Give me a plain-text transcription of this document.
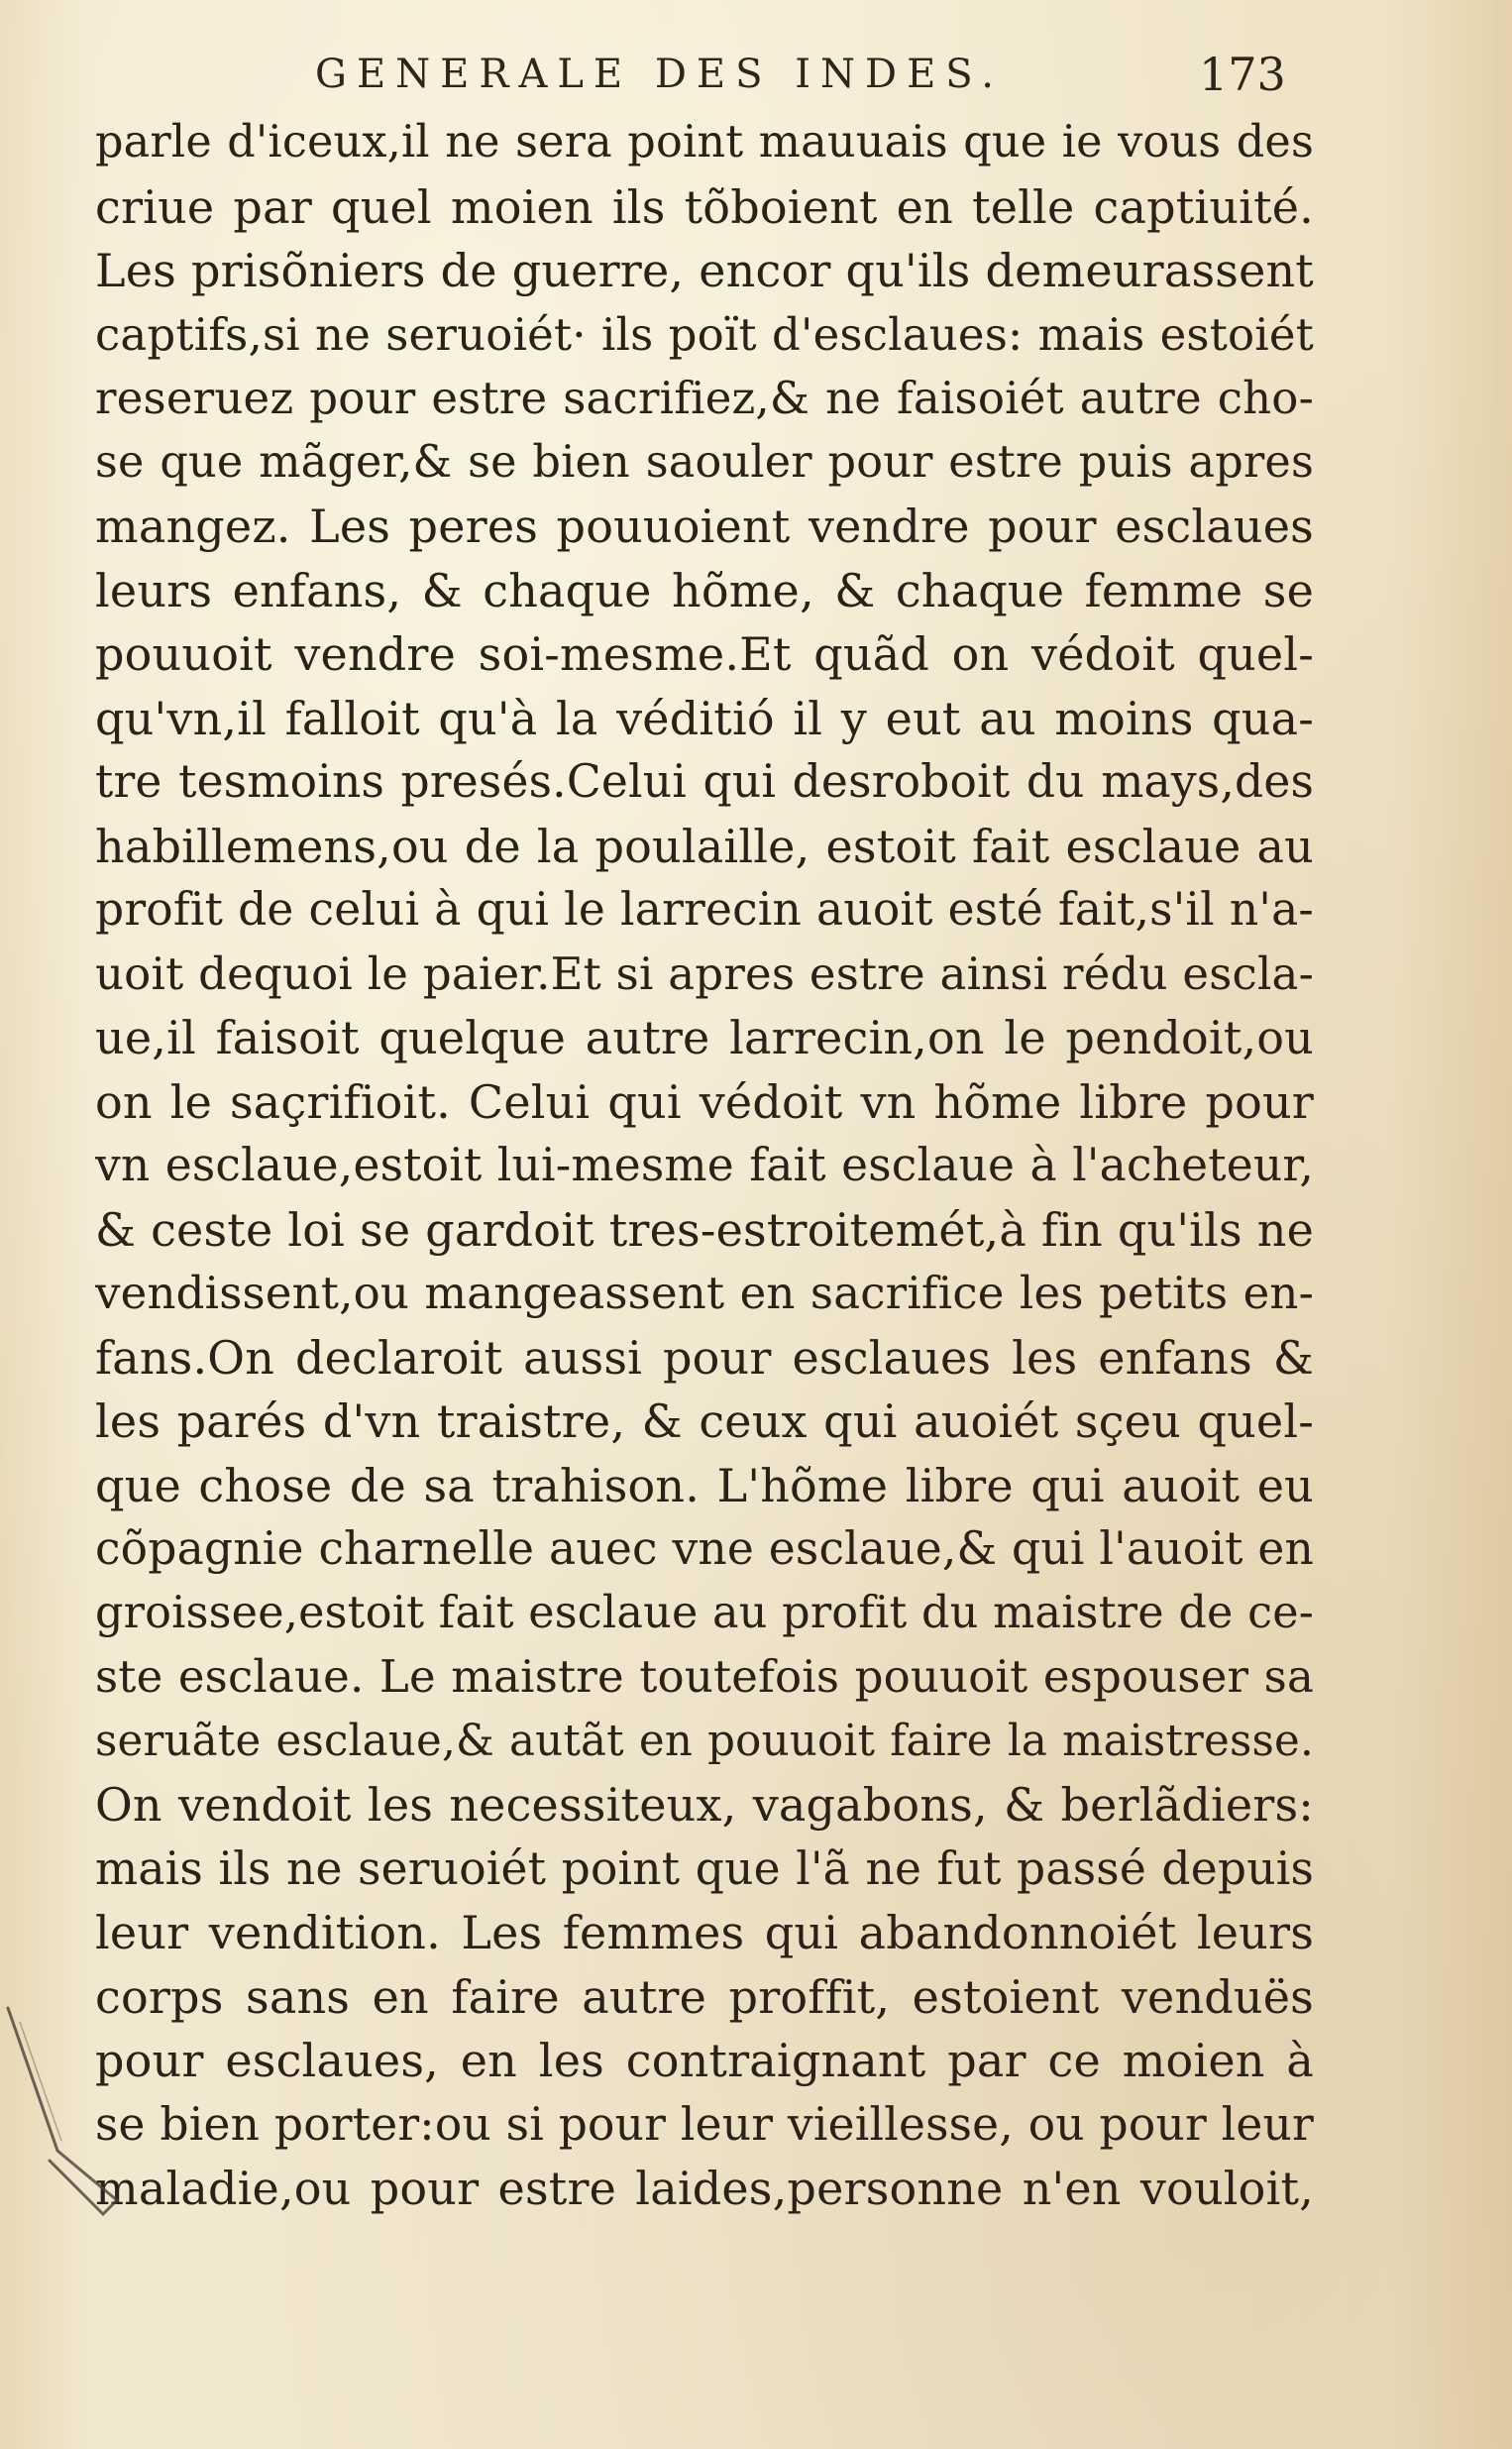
GENERALE DES INDES.	173
parle d'iceux,il ne sera point mauuais que ie vous des
criue par quel moien ils tõboient en telle captiuité.
Les prisõniers de guerre, encor qu'ils demeurassent
captifs,si ne seruoiét· ils poït d'esclaues: mais estoiét
reseruez pour estre sacrifiez,& ne faisoiét autre cho-
se que mãger,& se bien saouler pour estre puis apres
mangez. Les peres pouuoient vendre pour esclaues
leurs enfans, & chaque hõme, & chaque femme se
pouuoit vendre soi-mesme.Et quãd on védoit quel-
qu'vn,il falloit qu'à la véditió il y eut au moins qua-
tre tesmoins presés.Celui qui desroboit du mays,des
habillemens,ou de la poulaille, estoit fait esclaue au
profit de celui à qui le larrecin auoit esté fait,s'il n'a-
uoit dequoi le paier.Et si apres estre ainsi rédu escla-
ue,il faisoit quelque autre larrecin,on le pendoit,ou
on le saçrifioit. Celui qui védoit vn hõme libre pour
vn esclaue,estoit lui-mesme fait esclaue à l'acheteur,
& ceste loi se gardoit tres-estroitemét,à fin qu'ils ne
vendissent,ou mangeassent en sacrifice les petits en-
fans.On declaroit aussi pour esclaues les enfans &
les parés d'vn traistre, & ceux qui auoiét sçeu quel-
que chose de sa trahison. L'hõme libre qui auoit eu
cõpagnie charnelle auec vne esclaue,& qui l'auoit en
groissee,estoit fait esclaue au profit du maistre de ce-
ste esclaue. Le maistre toutefois pouuoit espouser sa
seruãte esclaue,& autãt en pouuoit faire la maistresse.
On vendoit les necessiteux, vagabons, & berlãdiers:
mais ils ne seruoiét point que l'ã ne fut passé depuis
leur vendition. Les femmes qui abandonnoiét leurs
corps sans en faire autre proffit, estoient venduës
pour esclaues, en les contraignant par ce moien à
se bien porter:ou si pour leur vieillesse, ou pour leur
maladie,ou pour estre laides,personne n'en vouloit,
